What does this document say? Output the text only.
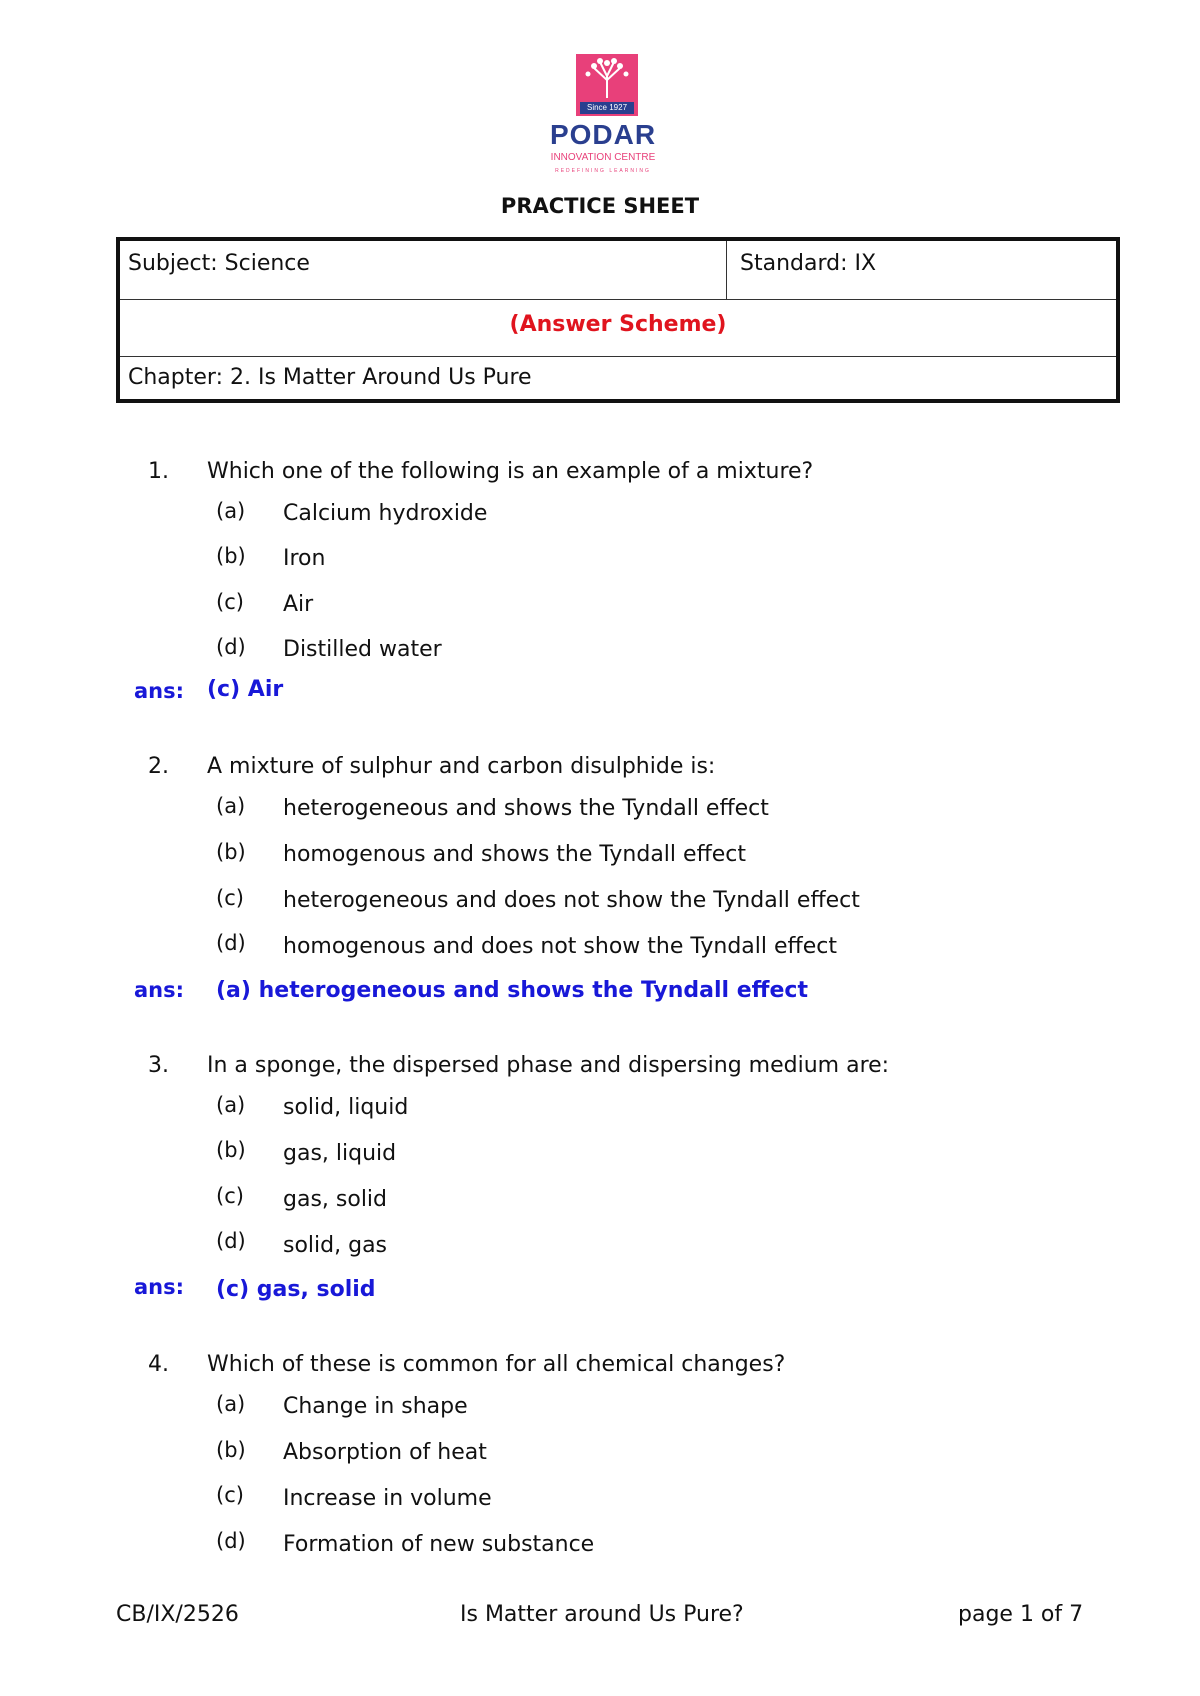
Since 1927
PODAR
INNOVATION CENTRE
REDEFINING LEARNING
PRACTICE SHEET
Subject: Science	Standard: IX
(Answer Scheme)
Chapter: 2. Is Matter Around Us Pure
1. Which one of the following is an example of a mixture?
(a) Calcium hydroxide
(b) Iron
(c) Air
(d) Distilled water
ans: (c) Air
2. A mixture of sulphur and carbon disulphide is:
(a) heterogeneous and shows the Tyndall effect
(b) homogenous and shows the Tyndall effect
(c) heterogeneous and does not show the Tyndall effect
(d) homogenous and does not show the Tyndall effect
ans: (a) heterogeneous and shows the Tyndall effect
3. In a sponge, the dispersed phase and dispersing medium are:
(a) solid, liquid
(b) gas, liquid
(c) gas, solid
(d) solid, gas
ans: (c) gas, solid
4. Which of these is common for all chemical changes?
(a) Change in shape
(b) Absorption of heat
(c) Increase in volume
(d) Formation of new substance
CB/IX/2526	Is Matter around Us Pure?	page 1 of 7
